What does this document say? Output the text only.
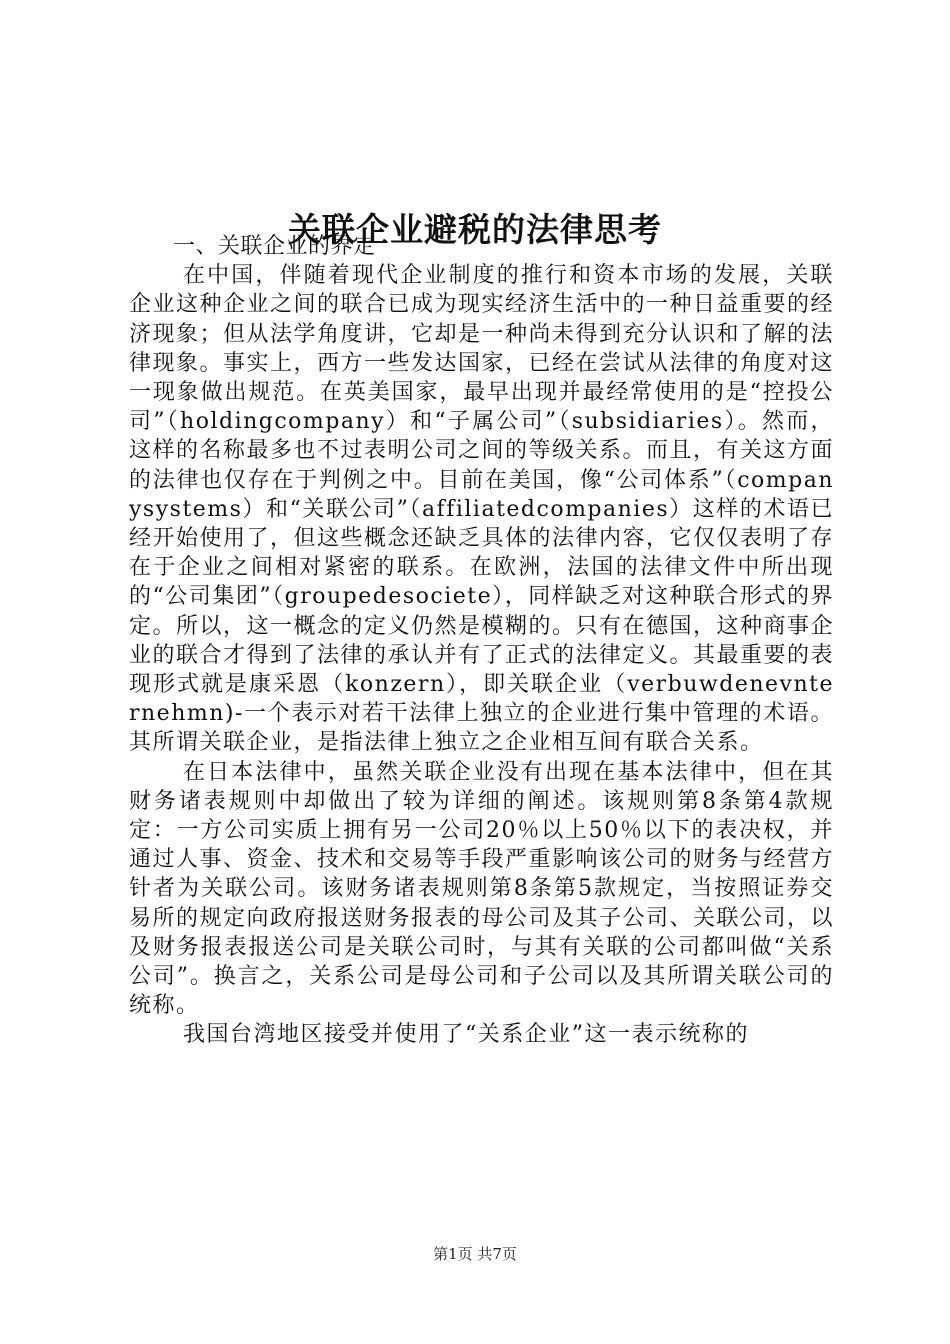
关联企业避税的法律思考

一、关联企业的界定

在中国，伴随着现代企业制度的推行和资本市场的发展，关联企业这种企业之间的联合已成为现实经济生活中的一种日益重要的经济现象；但从法学角度讲，它却是一种尚未得到充分认识和了解的法律现象。事实上，西方一些发达国家，已经在尝试从法律的角度对这一现象做出规范。在英美国家，最早出现并最经常使用的是“控投公司”（holdingcompany）和“子属公司”（subsidiaries）。然而，这样的名称最多也不过表明公司之间的等级关系。而且，有关这方面的法律也仅存在于判例之中。目前在美国，像“公司体系”（companysystems）和“关联公司”（affiliatedcompanies）这样的术语已经开始使用了，但这些概念还缺乏具体的法律内容，它仅仅表明了存在于企业之间相对紧密的联系。在欧洲，法国的法律文件中所出现的“公司集团”（groupedesociete），同样缺乏对这种联合形式的界定。所以，这一概念的定义仍然是模糊的。只有在德国，这种商事企业的联合才得到了法律的承认并有了正式的法律定义。其最重要的表现形式就是康采恩（konzern），即关联企业（verbuwdenevnternehmn)-一个表示对若干法律上独立的企业进行集中管理的术语。其所谓关联企业，是指法律上独立之企业相互间有联合关系。

在日本法律中，虽然关联企业没有出现在基本法律中，但在其财务诸表规则中却做出了较为详细的阐述。该规则第8条第4款规定：一方公司实质上拥有另一公司20％以上50％以下的表决权，并通过人事、资金、技术和交易等手段严重影响该公司的财务与经营方针者为关联公司。该财务诸表规则第8条第5款规定，当按照证券交易所的规定向政府报送财务报表的母公司及其子公司、关联公司，以及财务报表报送公司是关联公司时，与其有关联的公司都叫做“关系公司”。换言之，关系公司是母公司和子公司以及其所谓关联公司的统称。

我国台湾地区接受并使用了“关系企业”这一表示统称的

第1页 共7页
